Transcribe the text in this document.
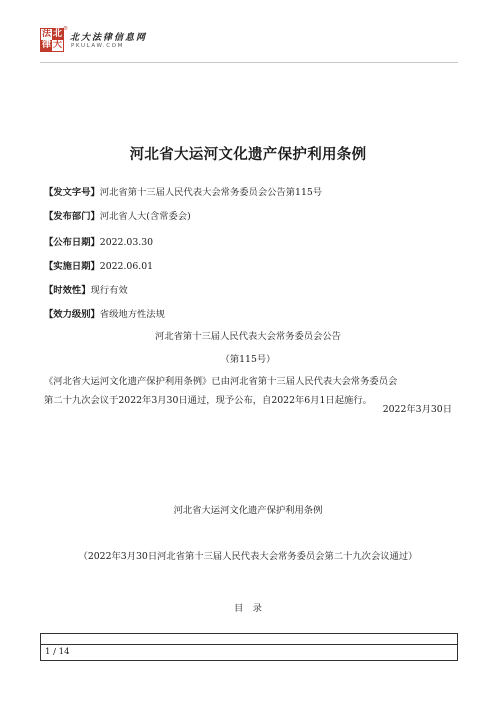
法 北
律 大
®
北大法律信息网
PKULAW.COM
河北省大运河文化遗产保护利用条例
【发文字号】河北省第十三届人民代表大会常务委员会公告第115号
【发布部门】河北省人大(含常委会)
【公布日期】2022.03.30
【实施日期】2022.06.01
【时效性】现行有效
【效力级别】省级地方性法规
河北省第十三届人民代表大会常务委员会公告
（第115号）
《河北省大运河文化遗产保护利用条例》已由河北省第十三届人民代表大会常务委员会
第二十九次会议于2022年3月30日通过，现予公布，自2022年6月1日起施行。
2022年3月30日
河北省大运河文化遗产保护利用条例
（2022年3月30日河北省第十三届人民代表大会常务委员会第二十九次会议通过）
目　录
1 / 14
